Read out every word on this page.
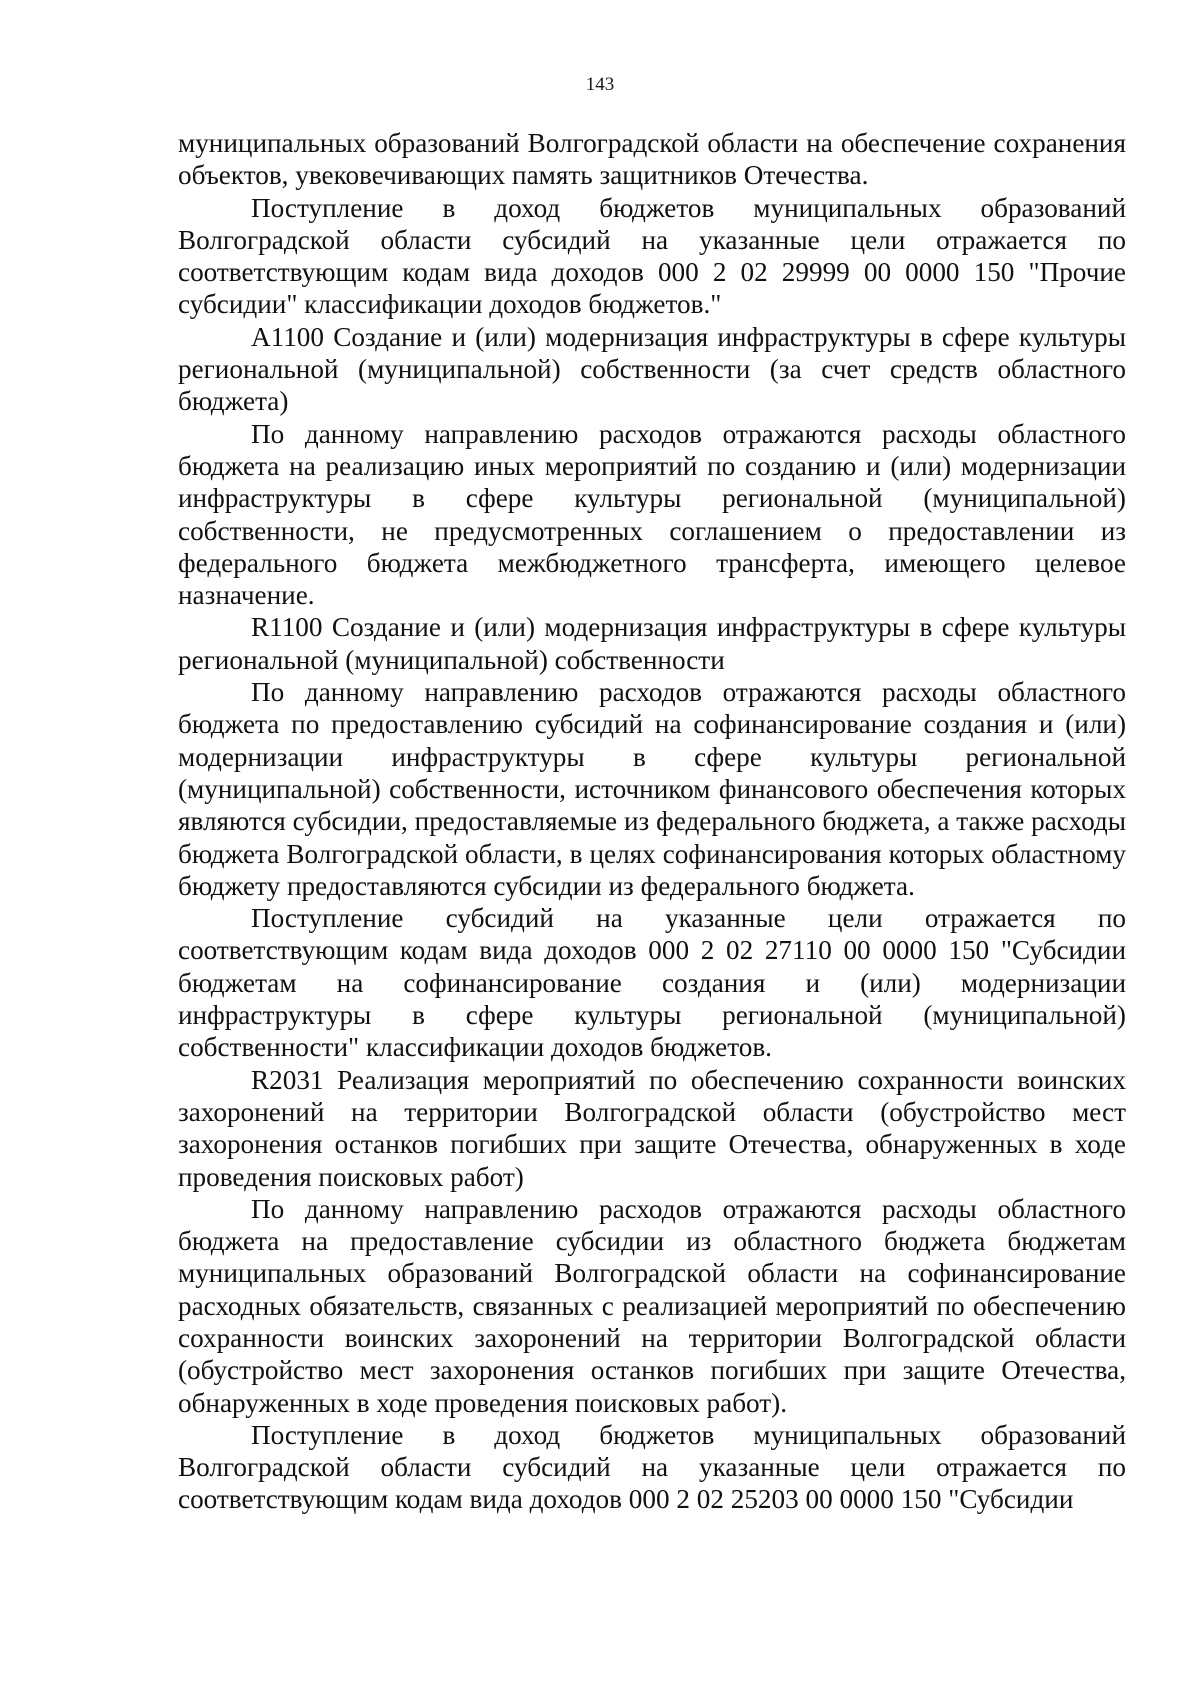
143

муниципальных образований Волгоградской области на обеспечение сохранения объектов, увековечивающих память защитников Отечества.

Поступление в доход бюджетов муниципальных образований Волгоградской области субсидий на указанные цели отражается по соответствующим кодам вида доходов 000 2 02 29999 00 0000 150 "Прочие субсидии" классификации доходов бюджетов."

А1100 Создание и (или) модернизация инфраструктуры в сфере культуры региональной (муниципальной) собственности (за счет средств областного бюджета)

По данному направлению расходов отражаются расходы областного бюджета на реализацию иных мероприятий по созданию и (или) модернизации инфраструктуры в сфере культуры региональной (муниципальной) собственности, не предусмотренных соглашением о предоставлении из федерального бюджета межбюджетного трансферта, имеющего целевое назначение.

R1100 Создание и (или) модернизация инфраструктуры в сфере культуры региональной (муниципальной) собственности

По данному направлению расходов отражаются расходы областного бюджета по предоставлению субсидий на софинансирование создания и (или) модернизации инфраструктуры в сфере культуры региональной (муниципальной) собственности, источником финансового обеспечения которых являются субсидии, предоставляемые из федерального бюджета, а также расходы бюджета Волгоградской области, в целях софинансирования которых областному бюджету предоставляются субсидии из федерального бюджета.

Поступление субсидий на указанные цели отражается по соответствующим кодам вида доходов 000 2 02 27110 00 0000 150 "Субсидии бюджетам на софинансирование создания и (или) модернизации инфраструктуры в сфере культуры региональной (муниципальной) собственности" классификации доходов бюджетов.

R2031 Реализация мероприятий по обеспечению сохранности воинских захоронений на территории Волгоградской области (обустройство мест захоронения останков погибших при защите Отечества, обнаруженных в ходе проведения поисковых работ)

По данному направлению расходов отражаются расходы областного бюджета на предоставление субсидии из областного бюджета бюджетам муниципальных образований Волгоградской области на софинансирование расходных обязательств, связанных с реализацией мероприятий по обеспечению сохранности воинских захоронений на территории Волгоградской области (обустройство мест захоронения останков погибших при защите Отечества, обнаруженных в ходе проведения поисковых работ).

Поступление в доход бюджетов муниципальных образований Волгоградской области субсидий на указанные цели отражается по соответствующим кодам вида доходов 000 2 02 25203 00 0000 150 "Субсидии
